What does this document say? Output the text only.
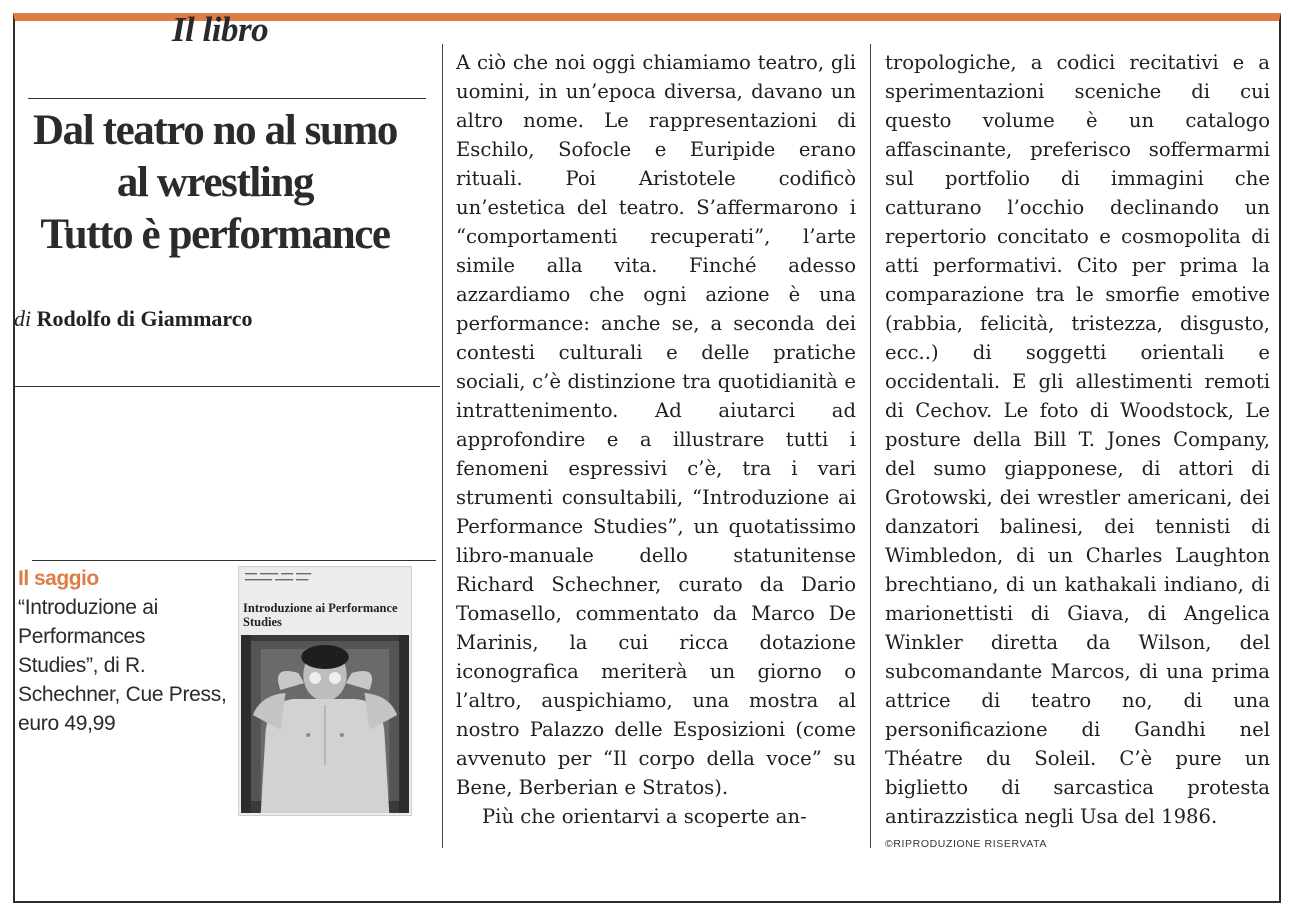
Il libro
Dal teatro no al sumo
al wrestling
Tutto è performance
di Rodolfo di Giammarco
Il saggio
“Introduzione ai Performances Studies”, di R. Schechner, Cue Press, euro 49,99
▬▬▬▬ ▬▬▬▬▬▬ ▬▬▬▬ ▬▬▬▬▬
▬▬▬▬▬▬▬▬▬ ▬▬▬▬▬▬ ▬▬▬▬
Introduzione ai Performance Studies

A ciò che noi oggi chiamiamo teatro, gli uomini, in un’epoca diversa, davano un altro nome. Le rappresentazioni di Eschilo, Sofocle e Euripide erano rituali. Poi Aristotele codificò un’estetica del teatro. S’affermarono i “comportamenti recuperati”, l’arte simile alla vita. Finché adesso azzardiamo che ogni azione è una performance: anche se, a seconda dei contesti culturali e delle pratiche sociali, c’è distinzione tra quotidianità e intrattenimento. Ad aiutarci ad approfondire e a illustrare tutti i fenomeni espressivi c’è, tra i vari strumenti consultabili, “Introduzione ai Performance Studies”, un quotatissimo libro-manuale dello statunitense Richard Schechner, curato da Dario Tomasello, commentato da Marco De Marinis, la cui ricca dotazione iconografica meriterà un giorno o l’altro, auspichiamo, una mostra al nostro Palazzo delle Esposizioni (come avvenuto per “Il corpo della voce” su Bene, Berberian e Stratos).

Più che orientarvi a scoperte an-

tropologiche, a codici recitativi e a sperimentazioni sceniche di cui questo volume è un catalogo affascinante, preferisco soffermarmi sul portfolio di immagini che catturano l’occhio declinando un repertorio concitato e cosmopolita di atti performativi. Cito per prima la comparazione tra le smorfie emotive (rabbia, felicità, tristezza, disgusto, ecc..) di soggetti orientali e occidentali. E gli allestimenti remoti di Cechov. Le foto di Woodstock, Le posture della Bill T. Jones Company, del sumo giapponese, di attori di Grotowski, dei wrestler americani, dei danzatori balinesi, dei tennisti di Wimbledon, di un Charles Laughton brechtiano, di un kathakali indiano, di marionettisti di Giava, di Angelica Winkler diretta da Wilson, del subcomandante Marcos, di una prima attrice di teatro no, di una personificazione di Gandhi nel Théatre du Soleil. C’è pure un biglietto di sarcastica protesta antirazzistica negli Usa del 1986.

©RIPRODUZIONE RISERVATA
